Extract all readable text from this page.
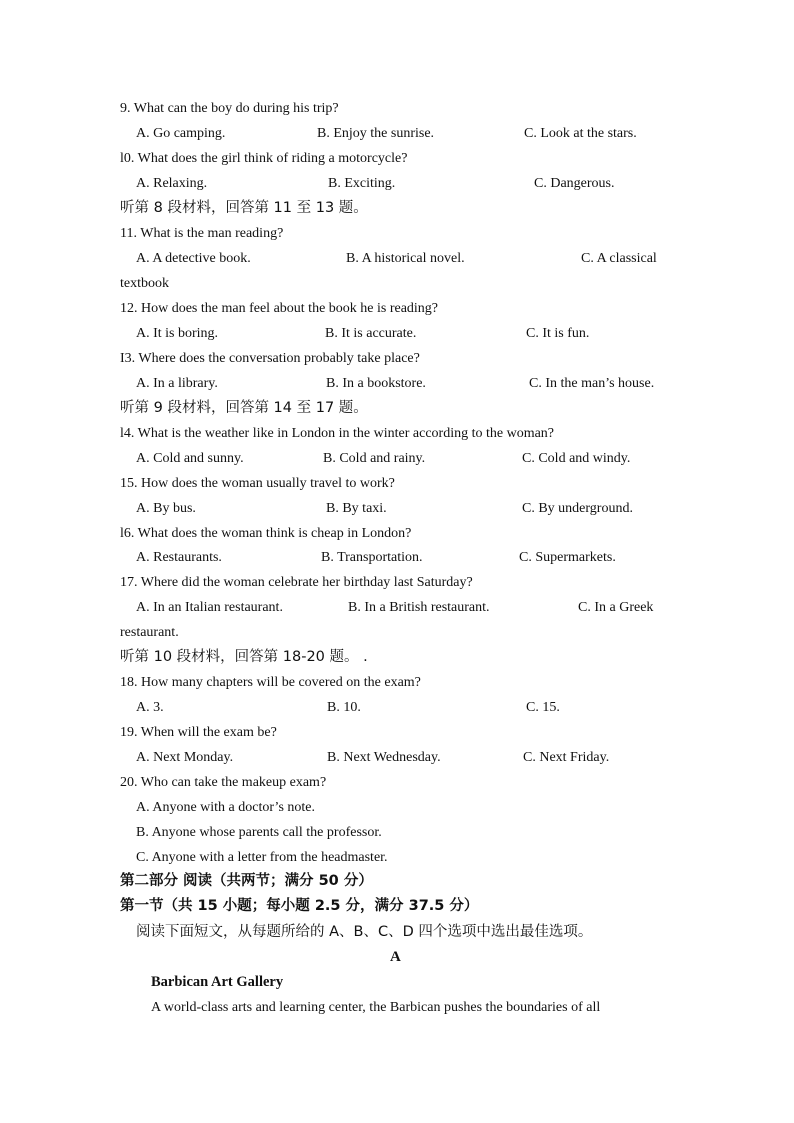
9. What can the boy do during his trip?
A. Go camping.	B. Enjoy the sunrise.	C. Look at the stars.
l0. What does the girl think of riding a motorcycle?
A. Relaxing.	B. Exciting.	C. Dangerous.
听第 8 段材料，回答第 11 至 13 题。
11. What is the man reading?
A. A detective book.	B. A historical novel.	C. A classical
textbook
12. How does the man feel about the book he is reading?
A. It is boring.	B. It is accurate.	C. It is fun.
I3. Where does the conversation probably take place?
A. In a library.	B. In a bookstore.	C. In the man’s house.
听第 9 段材料，回答第 14 至 17 题。
l4. What is the weather like in London in the winter according to the woman?
A. Cold and sunny.	B. Cold and rainy.	C. Cold and windy.
15. How does the woman usually travel to work?
A. By bus.	B. By taxi.	C. By underground.
l6. What does the woman think is cheap in London?
A. Restaurants.	B. Transportation.	C. Supermarkets.
17. Where did the woman celebrate her birthday last Saturday?
A. In an Italian restaurant.	B. In a British restaurant.	C. In a Greek
restaurant.
听第 10 段材料，回答第 18-20 题。 .
18. How many chapters will be covered on the exam?
A. 3.	B. 10.	C. 15.
19. When will the exam be?
A. Next Monday.	B. Next Wednesday.	C. Next Friday.
20. Who can take the makeup exam?
A. Anyone with a doctor’s note.
B. Anyone whose parents call the professor.
C. Anyone with a letter from the headmaster.
第二部分 阅读（共两节；满分 50 分）
第一节（共 15 小题；每小题 2.5 分，满分 37.5 分）
阅读下面短文，从每题所给的 A、B、C、D 四个选项中选出最佳选项。
A
Barbican Art Gallery
A world-class arts and learning center, the Barbican pushes the boundaries of all
